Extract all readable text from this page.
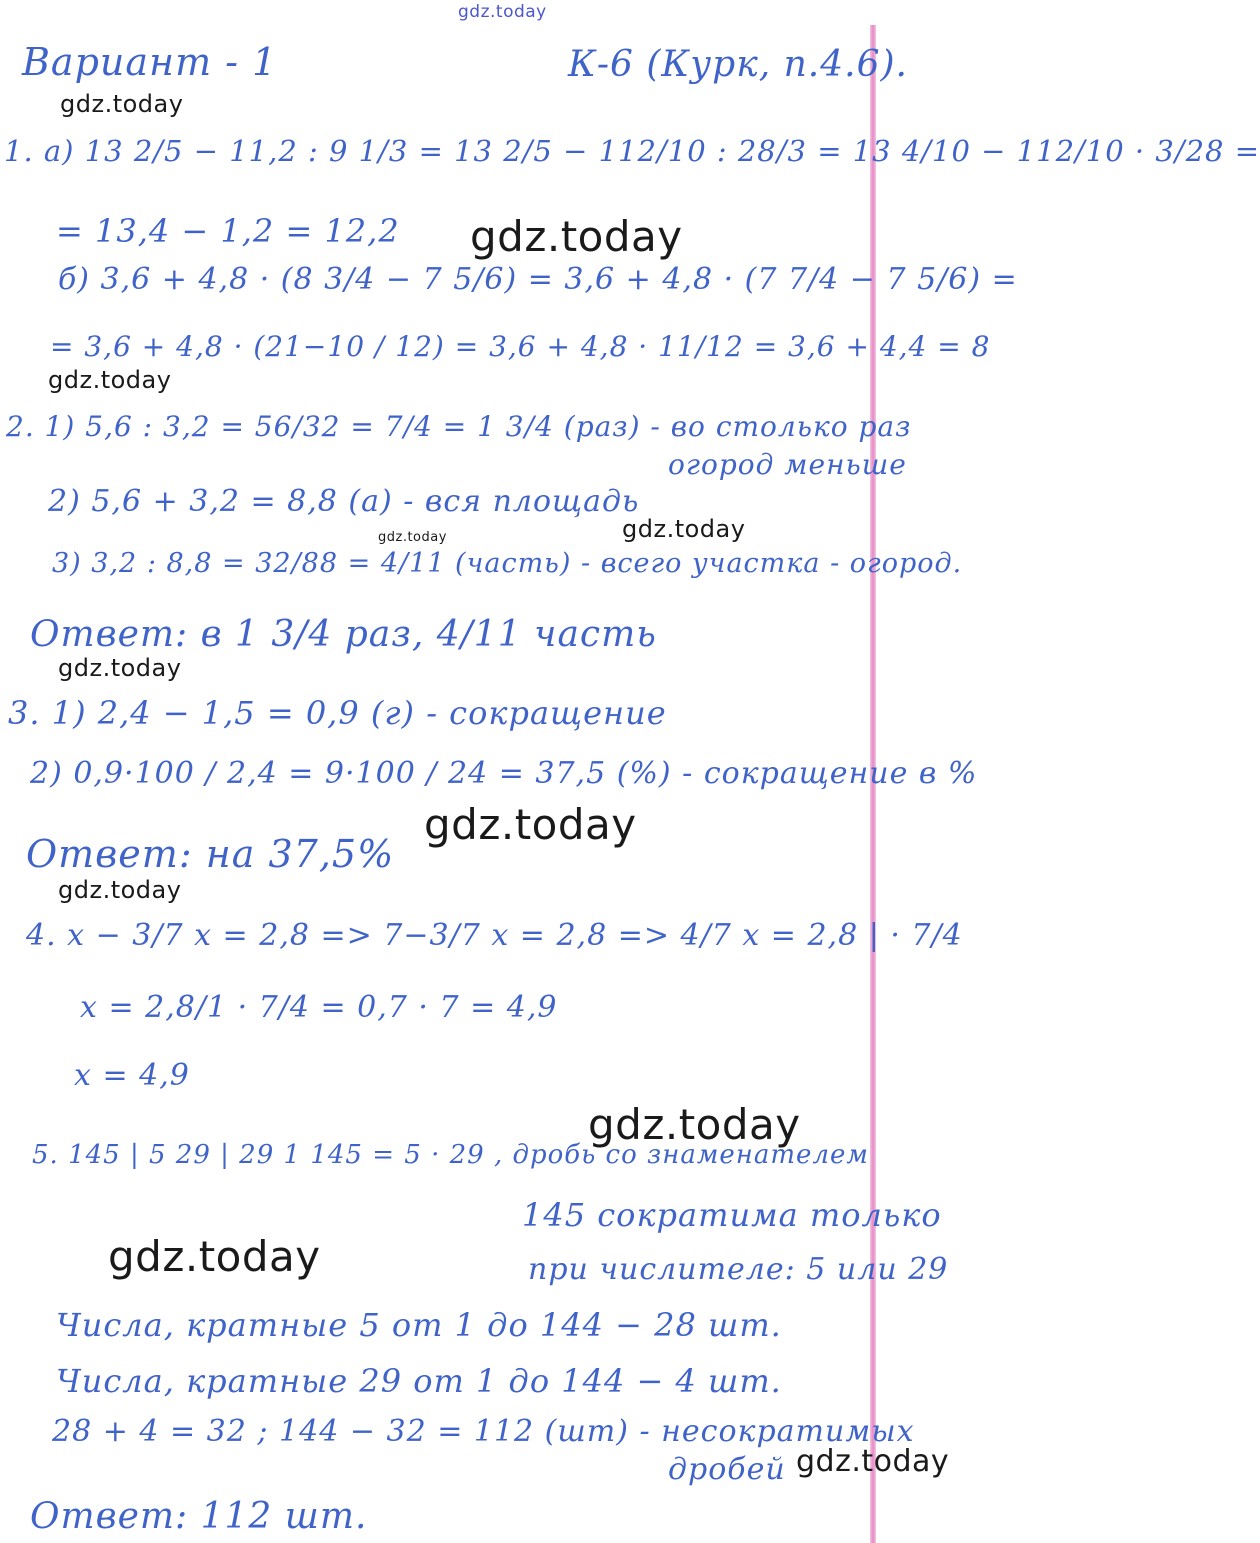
gdz.today
gdz.today
gdz.today
gdz.today
gdz.today	gdz.today
gdz.today
gdz.today
gdz.today
gdz.today
gdz.today
gdz.today
Вариант - 1	К-6 (Курк, п.4.6).
1. а) 13 2/5 − 11,2 : 9 1/3 = 13 2/5 − 112/10 : 28/3 = 13 4/10 − 112/10 · 3/28 =
= 13,4 − 1,2 = 12,2
б) 3,6 + 4,8 · (8 3/4 − 7 5/6) = 3,6 + 4,8 · (7 7/4 − 7 5/6) =
= 3,6 + 4,8 · (21−10 / 12) = 3,6 + 4,8 · 11/12 = 3,6 + 4,4 = 8
2. 1) 5,6 : 3,2 = 56/32 = 7/4 = 1 3/4 (раз) - во столько раз
огород меньше
2) 5,6 + 3,2 = 8,8 (а) - вся площадь
3) 3,2 : 8,8 = 32/88 = 4/11 (часть) - всего участка - огород.
Ответ: в 1 3/4 раз, 4/11 часть
3. 1) 2,4 − 1,5 = 0,9 (г) - сокращение
2) 0,9·100 / 2,4 = 9·100 / 24 = 37,5 (%) - сокращение в %
Ответ: на 37,5%
4. x − 3/7 x = 2,8 => 7−3/7 x = 2,8 => 4/7 x = 2,8 | · 7/4
x = 2,8/1 · 7/4 = 0,7 · 7 = 4,9
x = 4,9
5. 145 | 5 29 | 29 1 145 = 5 · 29 , дробь со знаменателем
145 сократима только
при числителе: 5 или 29
Числа, кратные 5 от 1 до 144 − 28 шт.
Числа, кратные 29 от 1 до 144 − 4 шт.
28 + 4 = 32 ; 144 − 32 = 112 (шт) - несократимых
дробей
Ответ: 112 шт.
